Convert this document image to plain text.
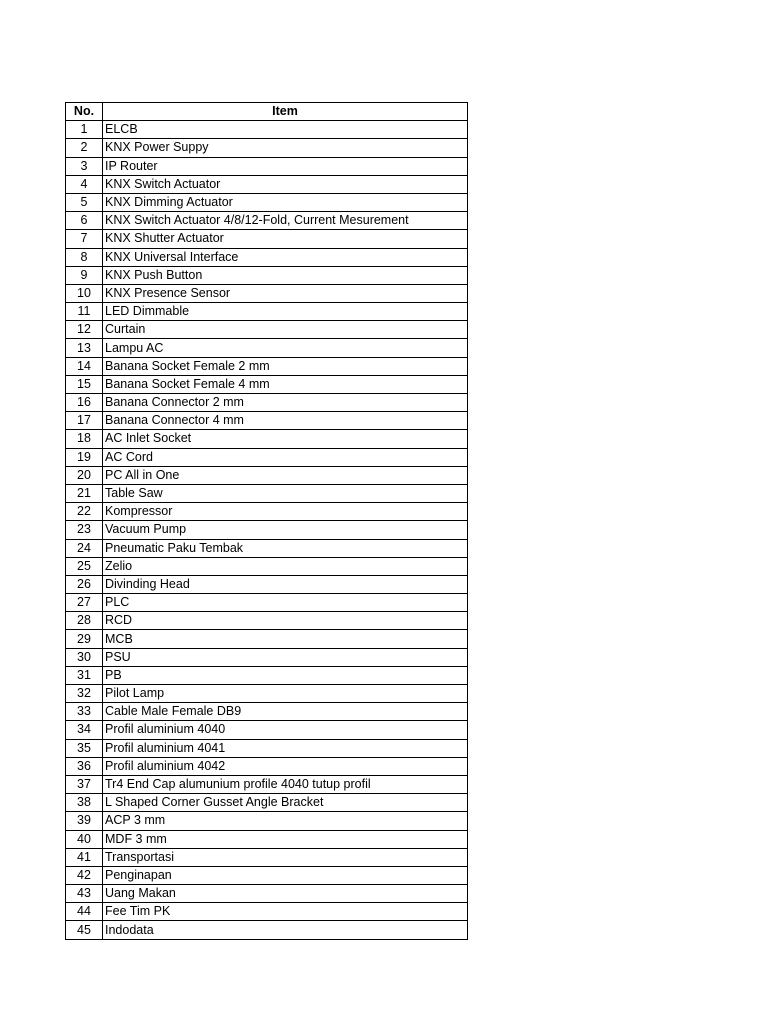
No.	Item
1	ELCB
2	KNX Power Suppy
3	IP Router
4	KNX Switch Actuator
5	KNX Dimming Actuator
6	KNX Switch Actuator 4/8/12-Fold, Current Mesurement
7	KNX Shutter Actuator
8	KNX Universal Interface
9	KNX Push Button
10	KNX Presence Sensor
11	LED Dimmable
12	Curtain
13	Lampu AC
14	Banana Socket Female 2 mm
15	Banana Socket Female 4 mm
16	Banana Connector 2 mm
17	Banana Connector 4 mm
18	AC Inlet Socket
19	AC Cord
20	PC All in One
21	Table Saw
22	Kompressor
23	Vacuum Pump
24	Pneumatic Paku Tembak
25	Zelio
26	Divinding Head
27	PLC
28	RCD
29	MCB
30	PSU
31	PB
32	Pilot Lamp
33	Cable Male Female DB9
34	Profil aluminium 4040
35	Profil aluminium 4041
36	Profil aluminium 4042
37	Tr4 End Cap alumunium profile 4040 tutup profil
38	L Shaped Corner Gusset Angle Bracket
39	ACP 3 mm
40	MDF 3 mm
41	Transportasi
42	Penginapan
43	Uang Makan
44	Fee Tim PK
45	Indodata
